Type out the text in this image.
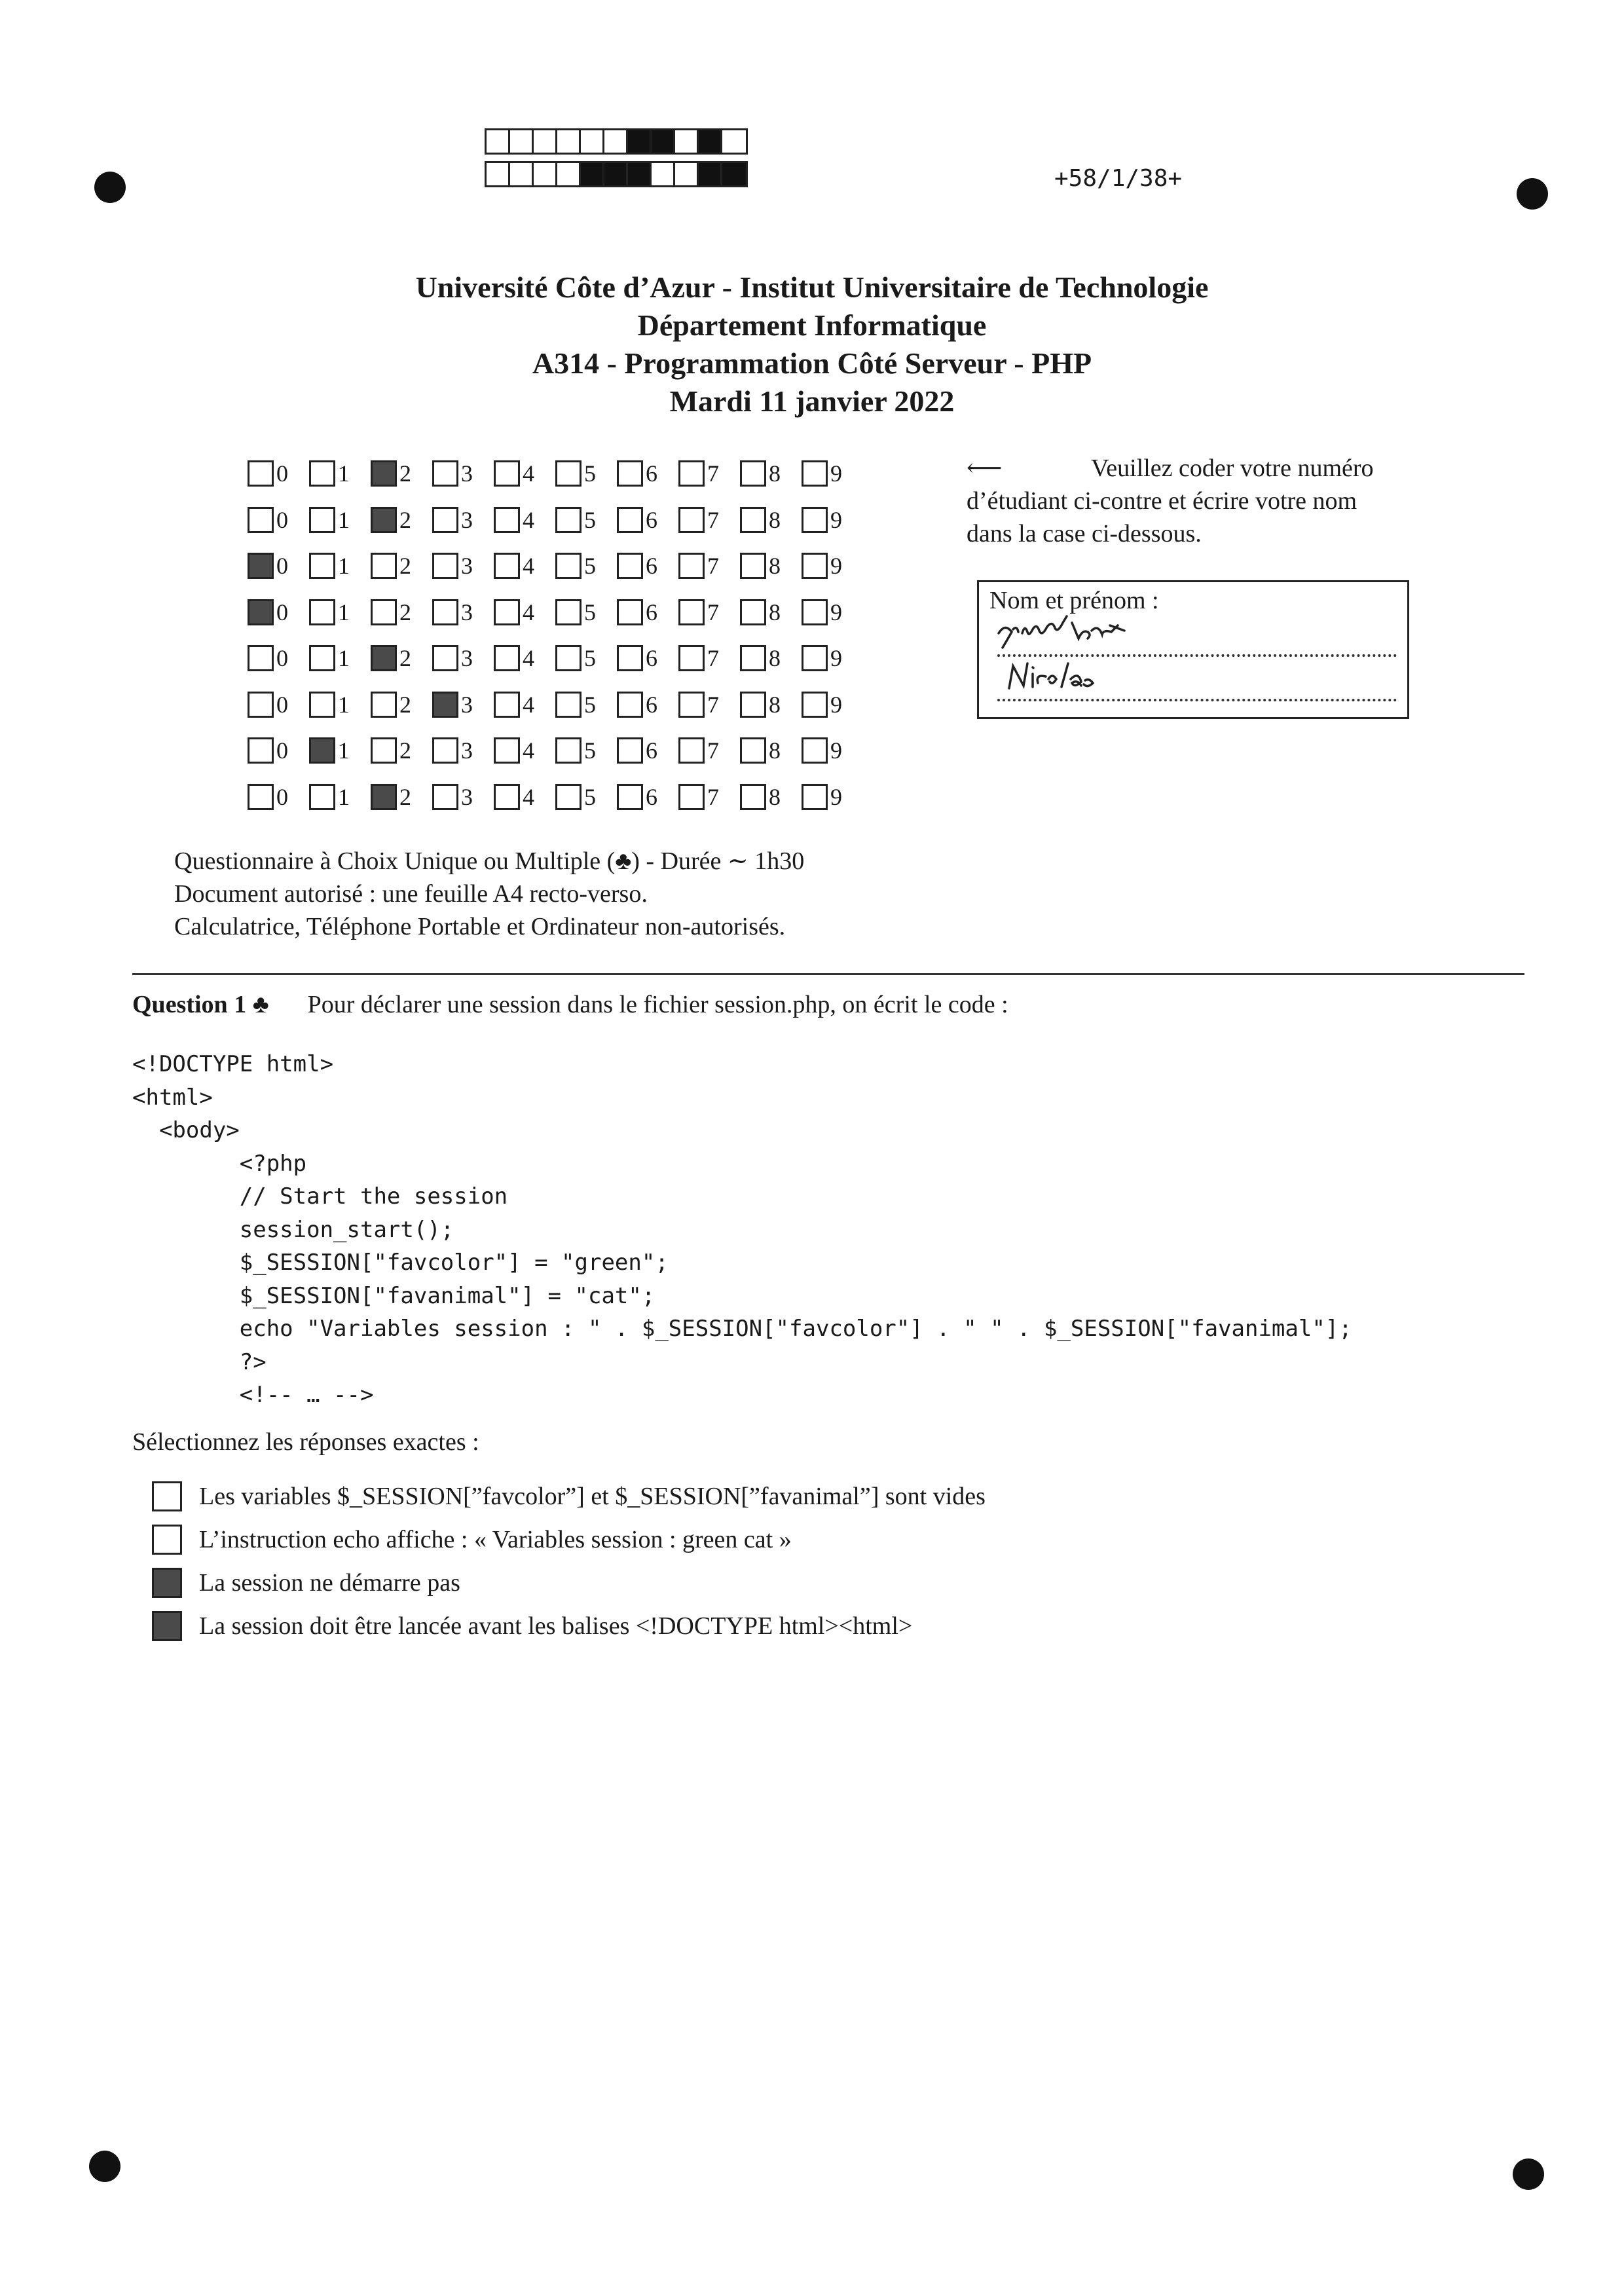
+58/1/38+
Université Côte d’Azur - Institut Universitaire de Technologie
Département Informatique
A314 - Programmation Côté Serveur - PHP
Mardi 11 janvier 2022
0 1 2 3 4 5 6 7 8 9
0 1 2 3 4 5 6 7 8 9
0 1 2 3 4 5 6 7 8 9
0 1 2 3 4 5 6 7 8 9
0 1 2 3 4 5 6 7 8 9
0 1 2 3 4 5 6 7 8 9
0 1 2 3 4 5 6 7 8 9
0 1 2 3 4 5 6 7 8 9
⟵	Veuillez coder votre numéro
d’étudiant ci-contre et écrire votre nom
dans la case ci-dessous.
Nom et prénom :
Questionnaire à Choix Unique ou Multiple (♣) - Durée ∼ 1h30
Document autorisé : une feuille A4 recto-verso.
Calculatrice, Téléphone Portable et Ordinateur non-autorisés.
Question 1 ♣ Pour déclarer une session dans le fichier session.php, on écrit le code :
<!DOCTYPE html>
<html>
<body>
<?php
// Start the session
session_start();
$_SESSION["favcolor"] = "green";
$_SESSION["favanimal"] = "cat";
echo "Variables session : " . $_SESSION["favcolor"] . " " . $_SESSION["favanimal"];
?>
<!-- … -->
Sélectionnez les réponses exactes :
Les variables $_SESSION[”favcolor”] et $_SESSION[”favanimal”] sont vides
L’instruction echo affiche : « Variables session : green cat »
La session ne démarre pas
La session doit être lancée avant les balises <!DOCTYPE html><html>
